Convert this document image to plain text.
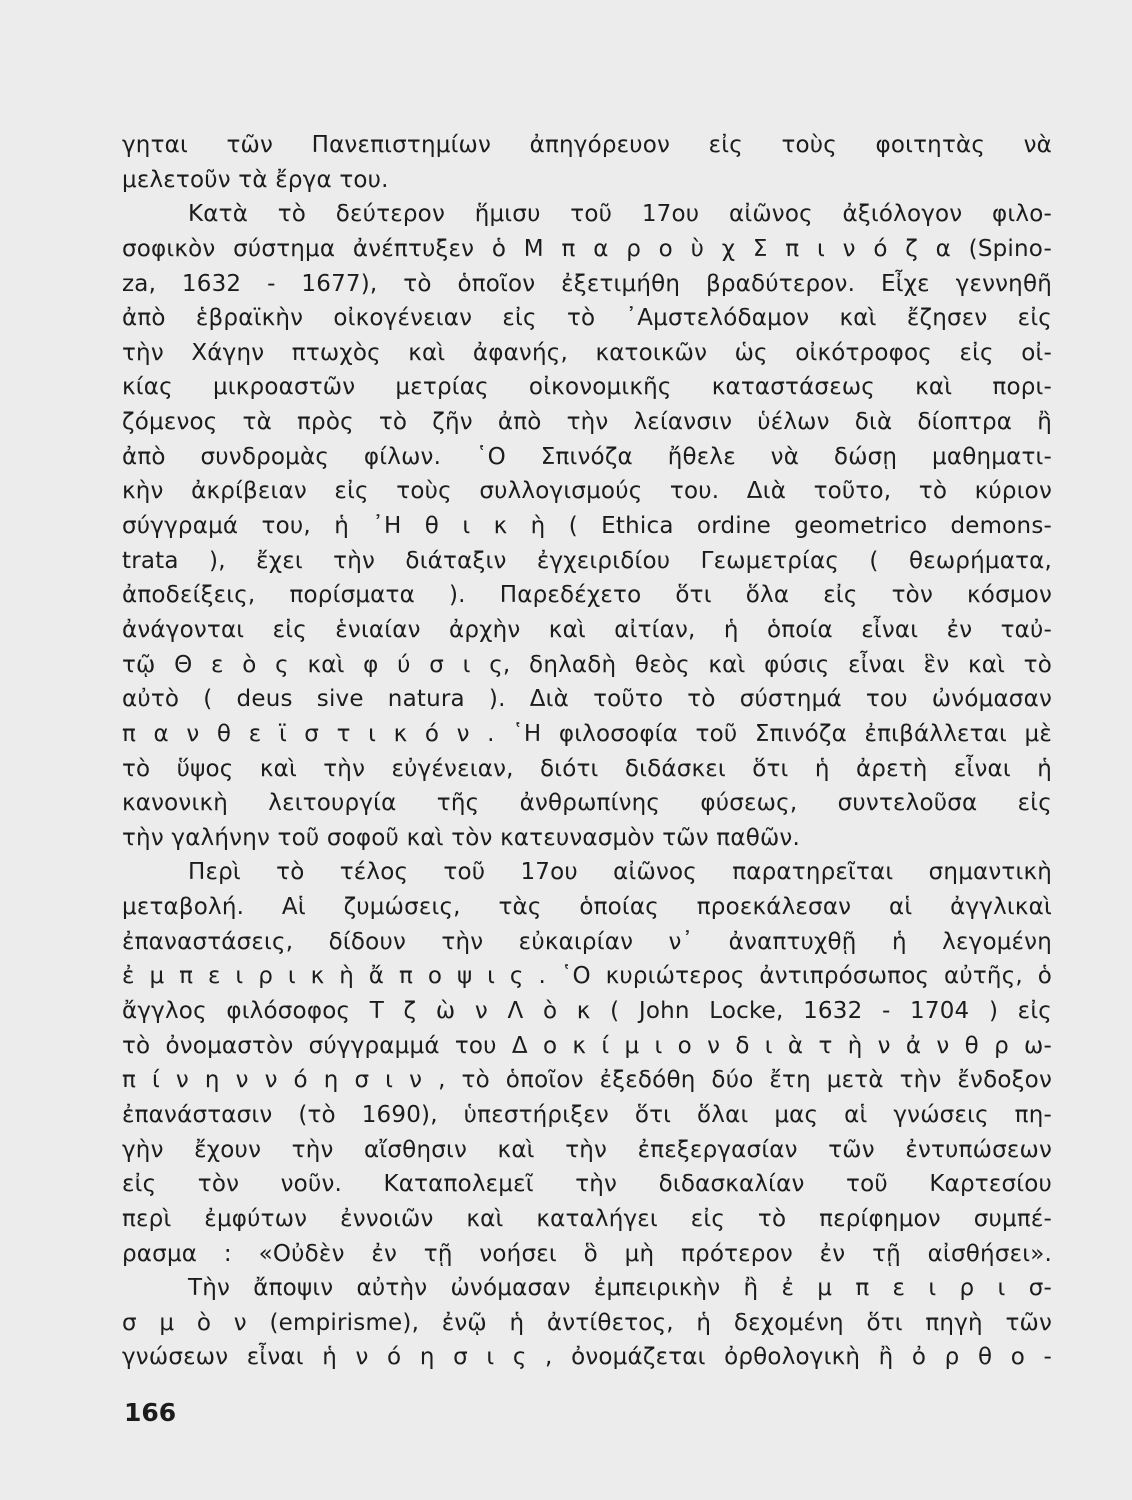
γηται τῶν Πανεπιστημίων ἀπηγόρευον εἰς τοὺς φοιτητὰς νὰ
μελετοῦν τὰ ἔργα του.
Κατὰ τὸ δεύτερον ἥμισυ τοῦ 17ου αἰῶνος ἀξιόλογον φιλο-
σοφικὸν σύστημα ἀνέπτυξεν ὁ Μ π α ρ ο ὺ χ Σ π ι ν ό ζ α (Spino-
za, 1632 - 1677), τὸ ὁποῖον ἐξετιμήθη βραδύτερον. Εἶχε γεννηθῆ
ἀπὸ ἑβραϊκὴν οἰκογένειαν εἰς τὸ ᾿Αμστελόδαμον καὶ ἔζησεν εἰς
τὴν Χάγην πτωχὸς καὶ ἀφανής, κατοικῶν ὡς οἰκότροφος εἰς οἰ-
κίας μικροαστῶν μετρίας οἰκονομικῆς καταστάσεως καὶ πορι-
ζόμενος τὰ πρὸς τὸ ζῆν ἀπὸ τὴν λείανσιν ὑέλων διὰ δίοπτρα ἢ
ἀπὸ συνδρομὰς φίλων. ῾Ο Σπινόζα ἤθελε νὰ δώσῃ μαθηματι-
κὴν ἀκρίβειαν εἰς τοὺς συλλογισμούς του. Διὰ τοῦτο, τὸ κύριον
σύγγραμά του, ἡ ᾿Η θ ι κ ὴ ( Ethica ordine geometrico demons-
trata ), ἔχει τὴν διάταξιν ἐγχειριδίου Γεωμετρίας ( θεωρήματα,
ἀποδείξεις, πορίσματα ). Παρεδέχετο ὅτι ὅλα εἰς τὸν κόσμον
ἀνάγονται εἰς ἑνιαίαν ἀρχὴν καὶ αἰτίαν, ἡ ὁποία εἶναι ἐν ταὐ-
τῷ Θ ε ὸ ς καὶ φ ύ σ ι ς, δηλαδὴ θεὸς καὶ φύσις εἶναι ἓν καὶ τὸ
αὐτὸ ( deus sive natura ). Διὰ τοῦτο τὸ σύστημά του ὠνόμασαν
π α ν θ ε ϊ σ τ ι κ ό ν . ῾Η φιλοσοφία τοῦ Σπινόζα ἐπιβάλλεται μὲ
τὸ ὕψος καὶ τὴν εὐγένειαν, διότι διδάσκει ὅτι ἡ ἀρετὴ εἶναι ἡ
κανονικὴ λειτουργία τῆς ἀνθρωπίνης φύσεως, συντελοῦσα εἰς
τὴν γαλήνην τοῦ σοφοῦ καὶ τὸν κατευνασμὸν τῶν παθῶν.
Περὶ τὸ τέλος τοῦ 17ου αἰῶνος παρατηρεῖται σημαντικὴ
μεταβολή. Αἱ ζυμώσεις, τὰς ὁποίας προεκάλεσαν αἱ ἀγγλικαὶ
ἐπαναστάσεις, δίδουν τὴν εὐκαιρίαν ν᾿ ἀναπτυχθῇ ἡ λεγομένη
ἐ μ π ε ι ρ ι κ ὴ ἄ π ο ψ ι ς . ῾Ο κυριώτερος ἀντιπρόσωπος αὐτῆς, ὁ
ἄγγλος φιλόσοφος Τ ζ ὼ ν Λ ὸ κ ( John Locke, 1632 - 1704 ) εἰς
τὸ ὀνομαστὸν σύγγραμμά του Δ ο κ ί μ ι ο ν δ ι ὰ τ ὴ ν ἀ ν θ ρ ω-
π ί ν η ν ν ό η σ ι ν , τὸ ὁποῖον ἐξεδόθη δύο ἔτη μετὰ τὴν ἔνδοξον
ἐπανάστασιν (τὸ 1690), ὑπεστήριξεν ὅτι ὅλαι μας αἱ γνώσεις πη-
γὴν ἔχουν τὴν αἴσθησιν καὶ τὴν ἐπεξεργασίαν τῶν ἐντυπώσεων
εἰς τὸν νοῦν. Καταπολεμεῖ τὴν διδασκαλίαν τοῦ Καρτεσίου
περὶ ἐμφύτων ἐννοιῶν καὶ καταλήγει εἰς τὸ περίφημον συμπέ-
ρασμα : «Οὐδὲν ἐν τῇ νοήσει ὃ μὴ πρότερον ἐν τῇ αἰσθήσει».
Τὴν ἄποψιν αὐτὴν ὠνόμασαν ἐμπειρικὴν ἢ ἐ μ π ε ι ρ ι σ-
σ μ ὸ ν (empirisme), ἐνῷ ἡ ἀντίθετος, ἡ δεχομένη ὅτι πηγὴ τῶν
γνώσεων εἶναι ἡ ν ό η σ ι ς , ὀνομάζεται ὀρθολογικὴ ἢ ὀ ρ θ ο -
166
